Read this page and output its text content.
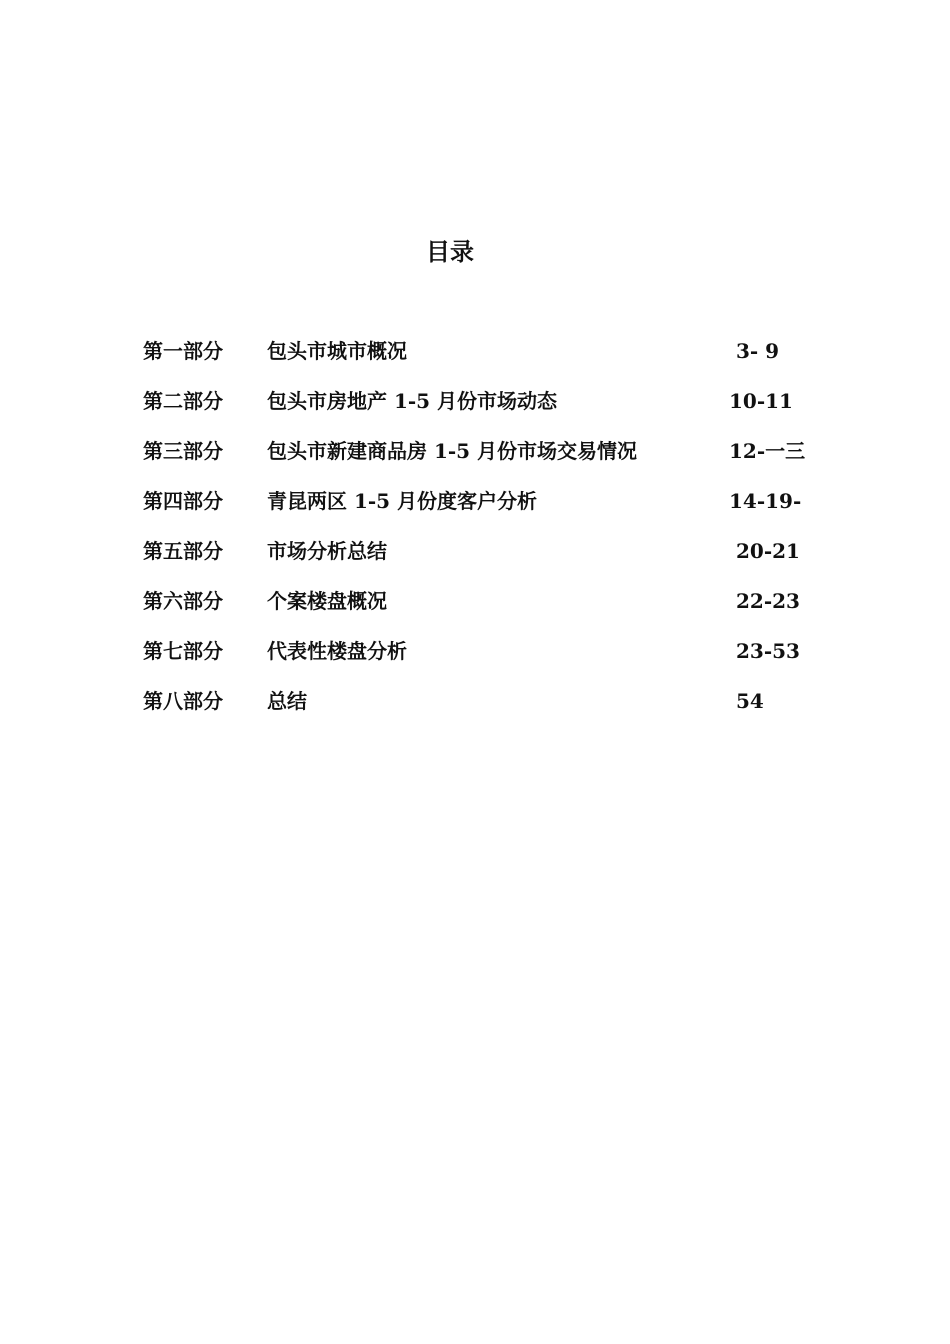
目录
第一部分 包头市城市概况	3- 9
第二部分 包头市房地产 1-5 月份市场动态	10-11
第三部分 包头市新建商品房 1-5 月份市场交易情况	12-一三
第四部分 青昆两区 1-5 月份度客户分析	14-19-
第五部分 市场分析总结	20-21
第六部分 个案楼盘概况	22-23
第七部分 代表性楼盘分析	23-53
第八部分 总结	54
